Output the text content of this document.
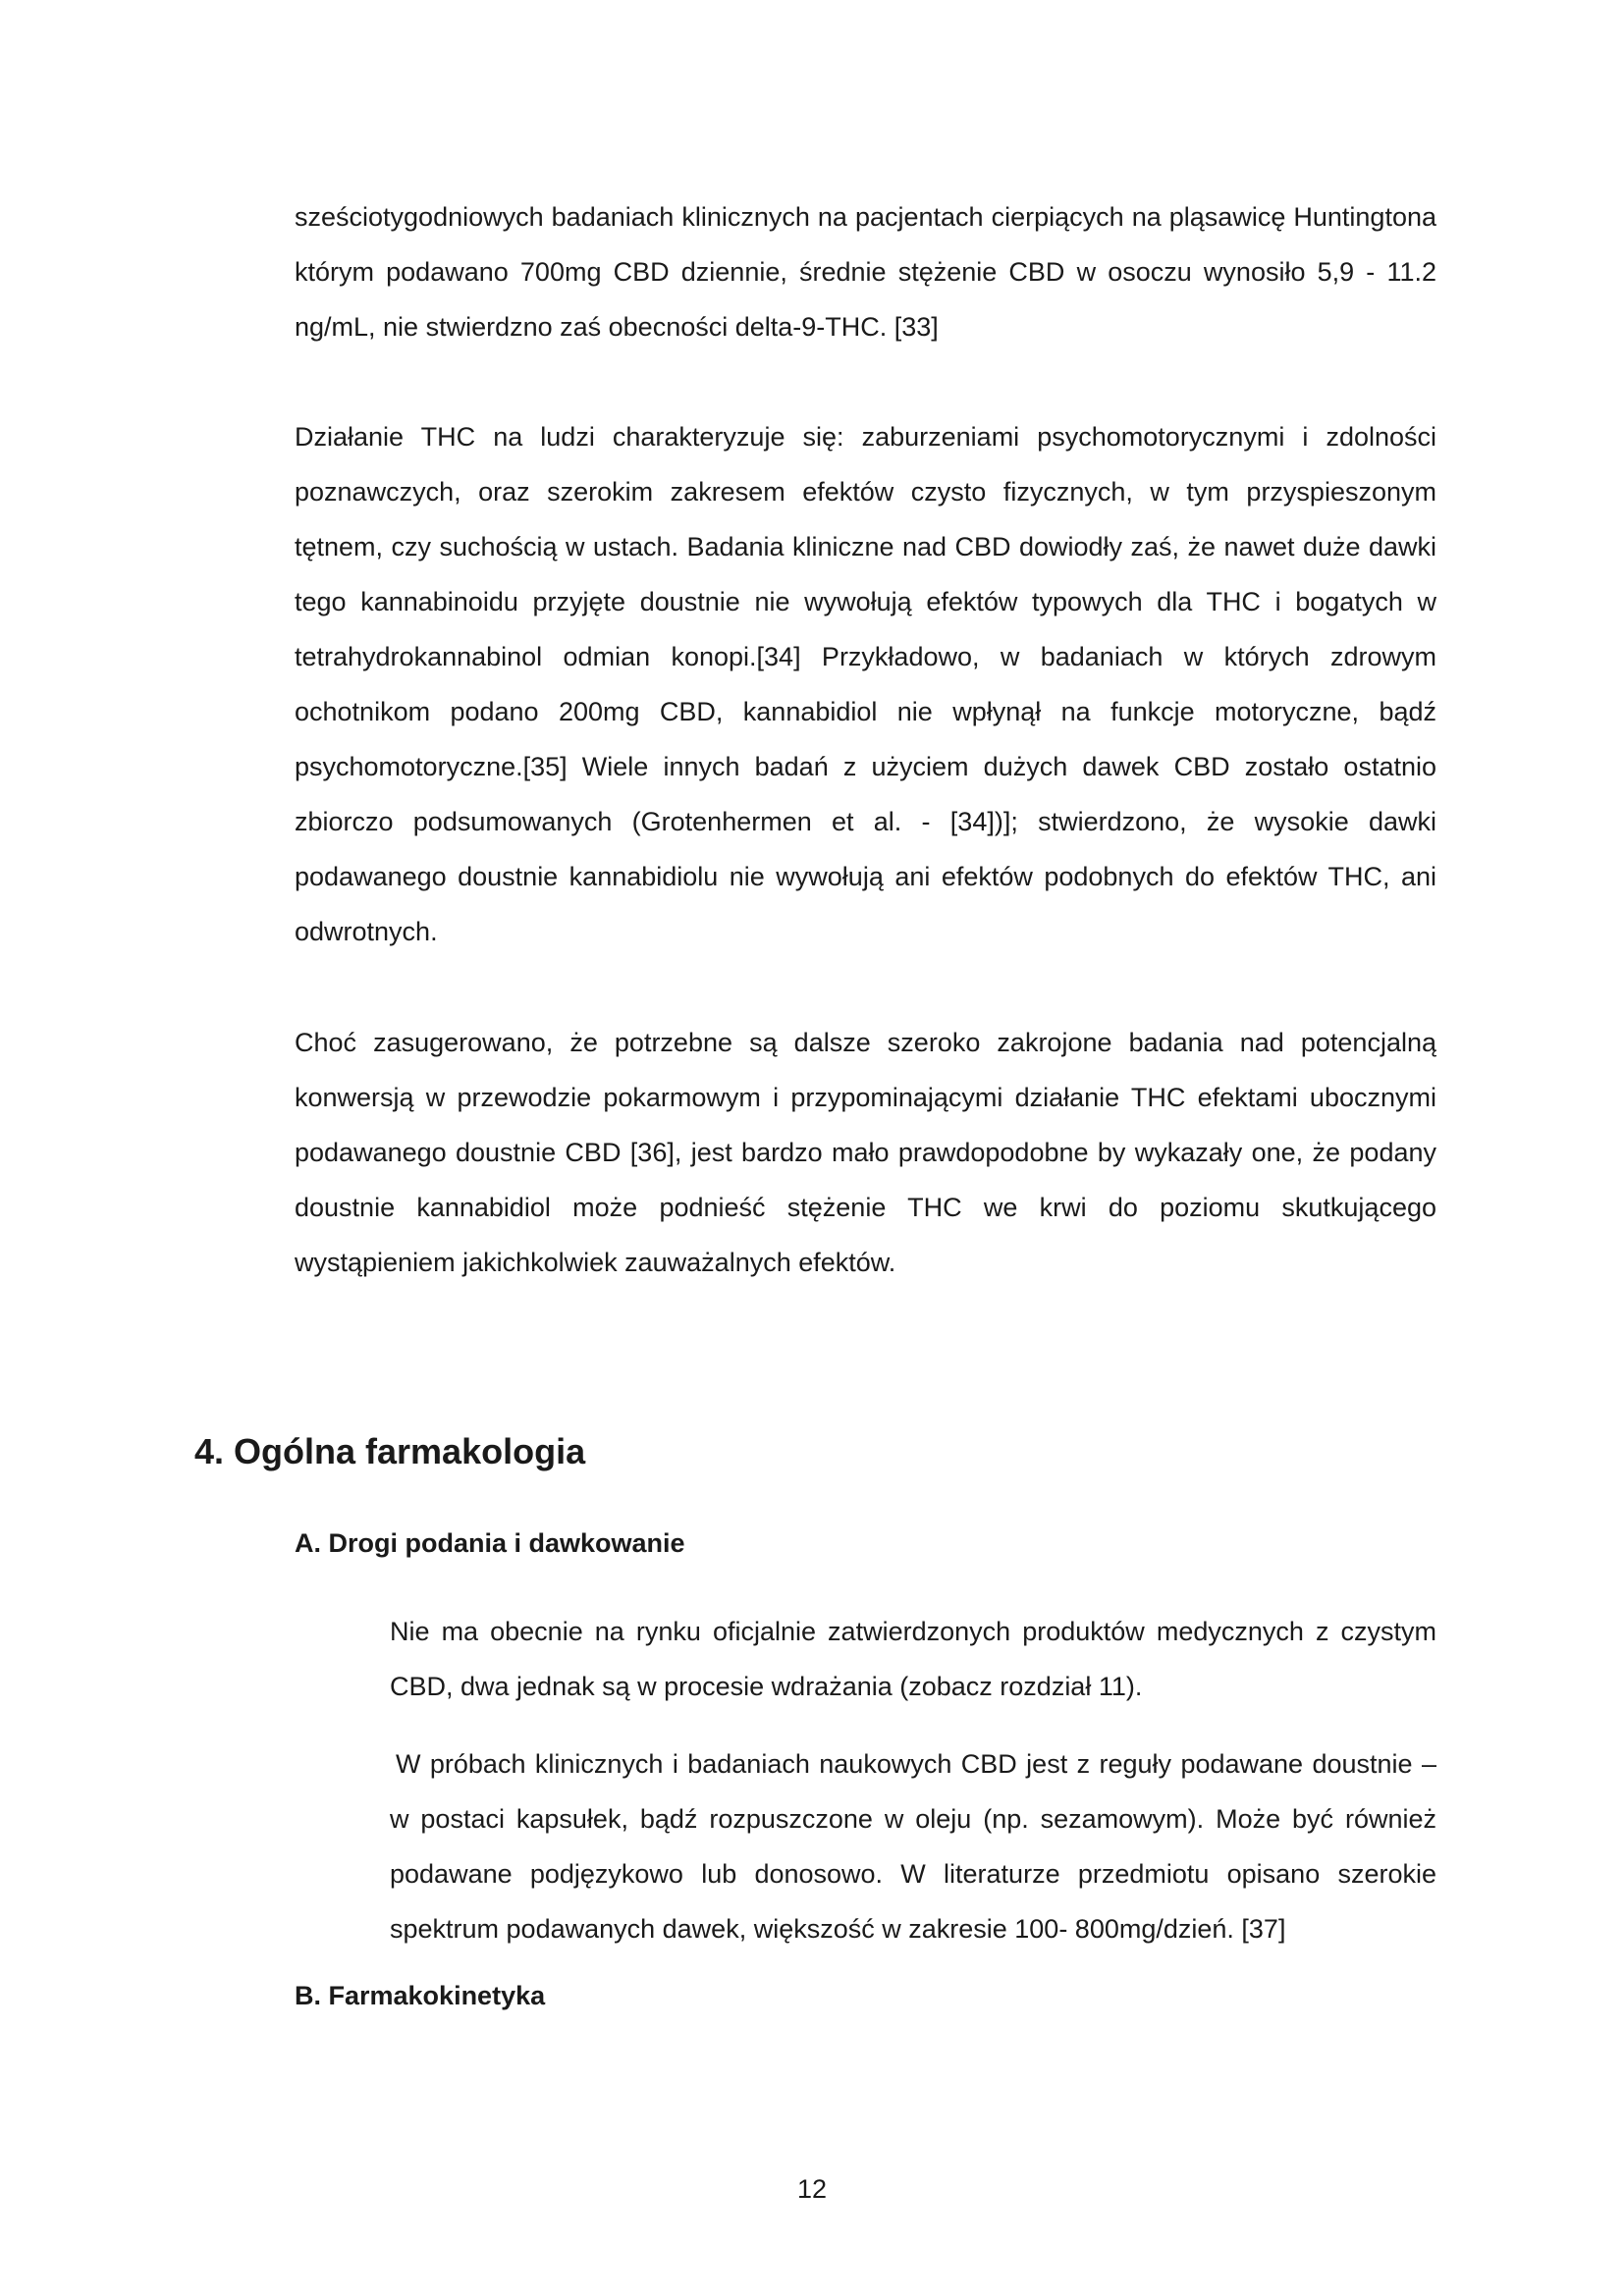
sześciotygodniowych badaniach klinicznych na pacjentach cierpiących na pląsawicę Huntingtona którym podawano 700mg CBD dziennie, średnie stężenie CBD w osoczu wynosiło 5,9 - 11.2 ng/mL, nie stwierdzno zaś obecności delta-9-THC. [33]

Działanie THC na ludzi charakteryzuje się: zaburzeniami psychomotorycznymi i zdolności poznawczych, oraz szerokim zakresem efektów czysto fizycznych, w tym przyspieszonym tętnem, czy suchością w ustach. Badania kliniczne nad CBD dowiodły zaś, że nawet duże dawki tego kannabinoidu przyjęte doustnie nie wywołują efektów typowych dla THC i bogatych w tetrahydrokannabinol odmian konopi.[34] Przykładowo, w badaniach w których zdrowym ochotnikom podano 200mg CBD, kannabidiol nie wpłynął na funkcje motoryczne, bądź psychomotoryczne.[35] Wiele innych badań z użyciem dużych dawek CBD zostało ostatnio zbiorczo podsumowanych (Grotenhermen et al. - [34])]; stwierdzono, że wysokie dawki podawanego doustnie kannabidiolu nie wywołują ani efektów podobnych do efektów THC, ani odwrotnych.

Choć zasugerowano, że potrzebne są dalsze szeroko zakrojone badania nad potencjalną konwersją w przewodzie pokarmowym i przypominającymi działanie THC efektami ubocznymi podawanego doustnie CBD [36], jest bardzo mało prawdopodobne by wykazały one, że podany doustnie kannabidiol może podnieść stężenie THC we krwi do poziomu skutkującego wystąpieniem jakichkolwiek zauważalnych efektów.

4. Ogólna farmakologia
A. Drogi podania i dawkowanie

Nie ma obecnie na rynku oficjalnie zatwierdzonych produktów medycznych z czystym CBD, dwa jednak są w procesie wdrażania (zobacz rozdział 11).

W próbach klinicznych i badaniach naukowych CBD jest z reguły podawane doustnie – w postaci kapsułek, bądź rozpuszczone w oleju (np. sezamowym). Może być również podawane podjęzykowo lub donosowo. W literaturze przedmiotu opisano szerokie spektrum podawanych dawek, większość w zakresie 100- 800mg/dzień. [37]

B. Farmakokinetyka
12
